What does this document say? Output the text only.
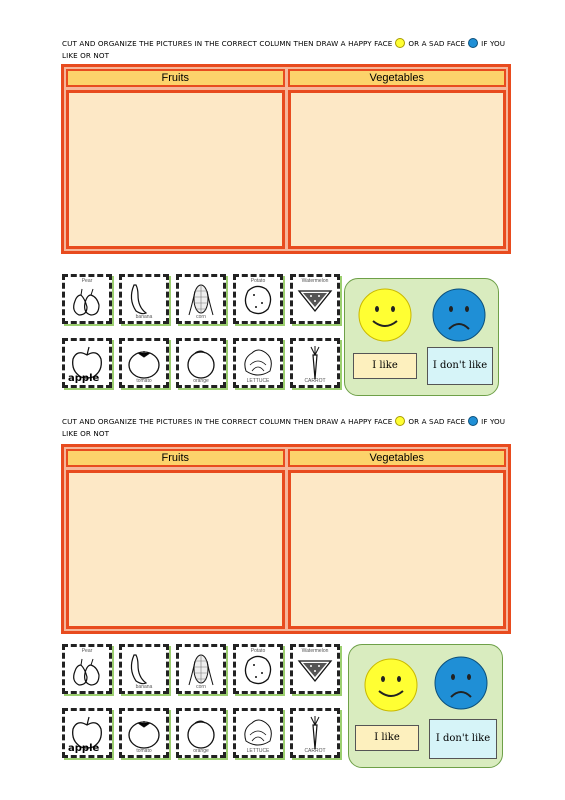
CUT AND ORGANIZE THE PICTURES IN THE CORRECT COLUMN THEN DRAW A HAPPY FACE OR A SAD FACE IF YOU LIKE OR NOT
Fruits	Vegetables
Pear
banana	corn
Potato	Watermelon
apple	tomato	orange	LETTUCE	CARROT
I like	I don't like
CUT AND ORGANIZE THE PICTURES IN THE CORRECT COLUMN THEN DRAW A HAPPY FACE OR A SAD FACE IF YOU LIKE OR NOT
Fruits	Vegetables
Pear
banana	corn
Potato	Watermelon
apple	tomato	orange	LETTUCE	CARROT
I like	I don't like
